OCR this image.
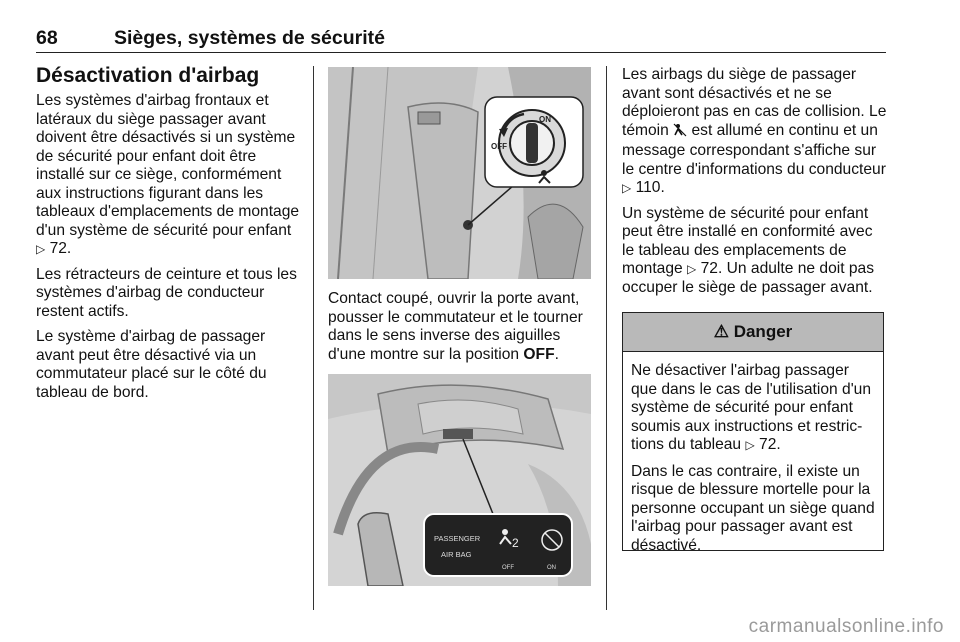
68	Sièges, systèmes de sécurité
Désactivation d'airbag

Les systèmes d'airbag frontaux et latéraux du siège passager avant doivent être désactivés si un système de sécurité pour enfant doit être installé sur ce siège, conformément aux instructions figurant dans les tableaux d'emplacements de montage d'un système de sécurité pour enfant ▷ 72.

Les rétracteurs de ceinture et tous les systèmes d'airbag de conducteur restent actifs.

Le système d'airbag de passager avant peut être désactivé via un commutateur placé sur le côté du tableau de bord.

ON
OFF

Contact coupé, ouvrir la porte avant, pousser le commutateur et le tourner dans le sens inverse des aiguilles d'une montre sur la position OFF.

PASSENGER
AIR BAG
2
OFF	ON

Les airbags du siège de passager avant sont désactivés et ne se déploieront pas en cas de collision. Le témoin est allumé en continu et un message correspondant s'affiche sur le centre d'informations du conducteur ▷ 110.

Un système de sécurité pour enfant peut être installé en conformité avec le tableau des emplacements de montage ▷ 72. Un adulte ne doit pas occuper le siège de passager avant.

⚠ Danger

Ne désactiver l'airbag passager que dans le cas de l'utilisation d'un système de sécurité pour enfant soumis aux instructions et restric-tions du tableau ▷ 72.

Dans le cas contraire, il existe un risque de blessure mortelle pour la personne occupant un siège quand l'airbag pour passager avant est désactivé.

carmanualsonline.info
